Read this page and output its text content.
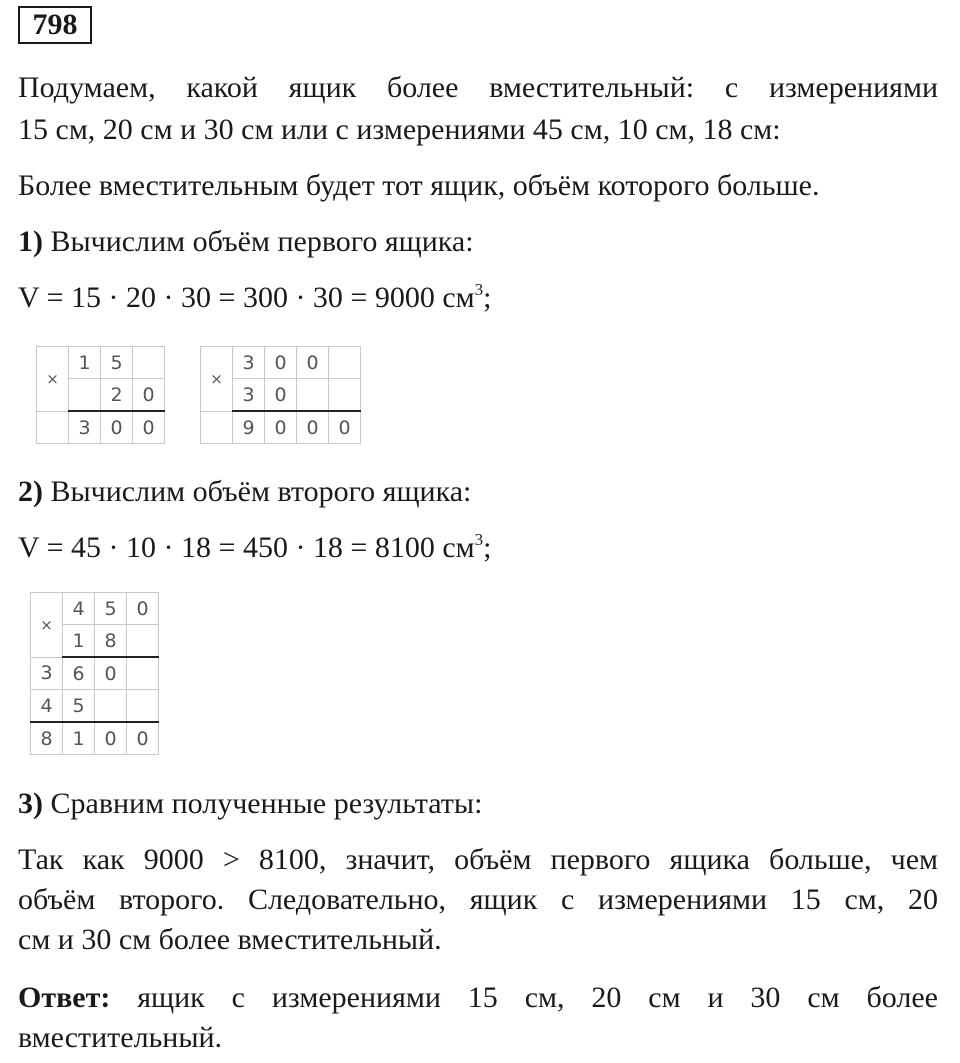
798

Подумаем, какой ящик более вместительный: с измерениями

15 см, 20 см и 30 см или с измерениями 45 см, 10 см, 18 см:

Более вместительным будет тот ящик, объём которого больше.

1) Вычислим объём первого ящика:

V = 15 · 20 · 30 = 300 · 30 = 9000 $см^3$;

×	1	5	
		2	0
	3	0	0
×	3	0	0	
	3	0		
	9	0	0	0

2) Вычислим объём второго ящика:

V = 45 · 10 · 18 = 450 · 18 = 8100 $см^3$;

×	4	5	0
	1	8	
3	6	0	
4	5		
8	1	0	0

3) Сравним полученные результаты:

Так как 9000 > 8100, значит, объём первого ящика больше, чем

объём второго. Следовательно, ящик с измерениями 15 см, 20

см и 30 см более вместительный.

Ответ: ящик с измерениями 15 см, 20 см и 30 см более

вместительный.
